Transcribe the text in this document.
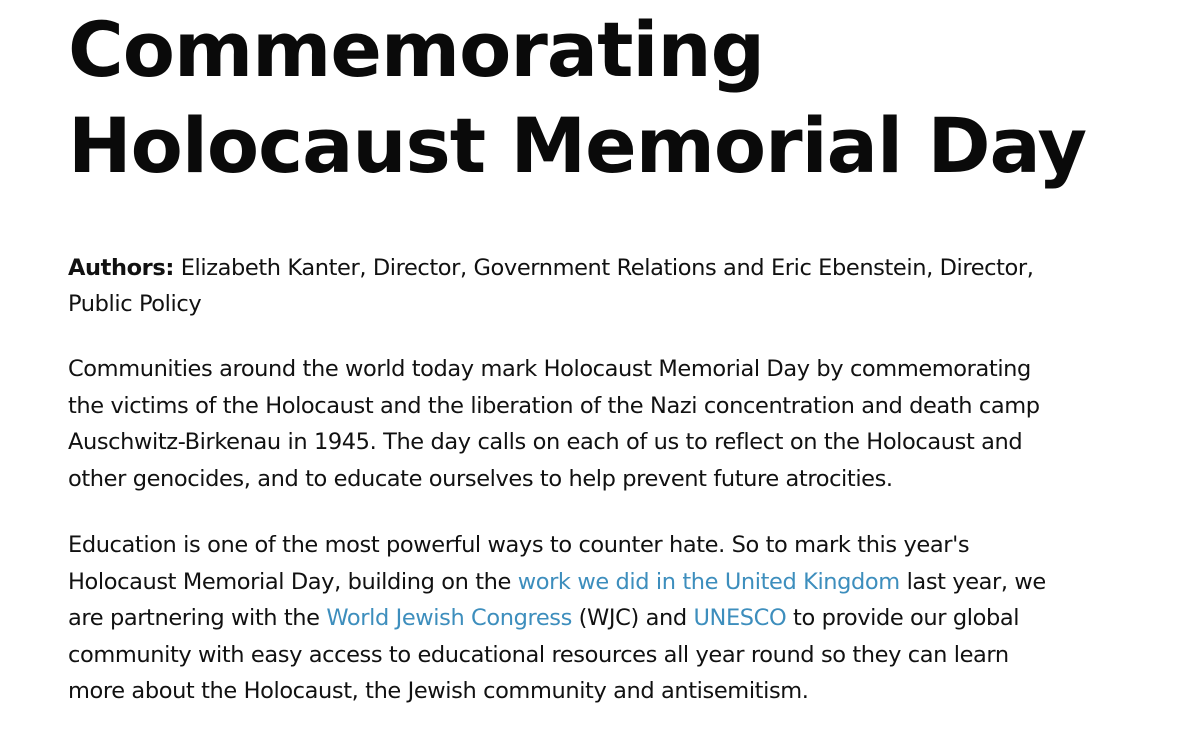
Commemorating
Holocaust Memorial Day

Authors: Elizabeth Kanter, Director, Government Relations and Eric Ebenstein, Director,
Public Policy

Communities around the world today mark Holocaust Memorial Day by commemorating
the victims of the Holocaust and the liberation of the Nazi concentration and death camp
Auschwitz-Birkenau in 1945. The day calls on each of us to reflect on the Holocaust and
other genocides, and to educate ourselves to help prevent future atrocities.

Education is one of the most powerful ways to counter hate. So to mark this year's
Holocaust Memorial Day, building on the work we did in the United Kingdom last year, we
are partnering with the World Jewish Congress (WJC) and UNESCO to provide our global
community with easy access to educational resources all year round so they can learn
more about the Holocaust, the Jewish community and antisemitism.
